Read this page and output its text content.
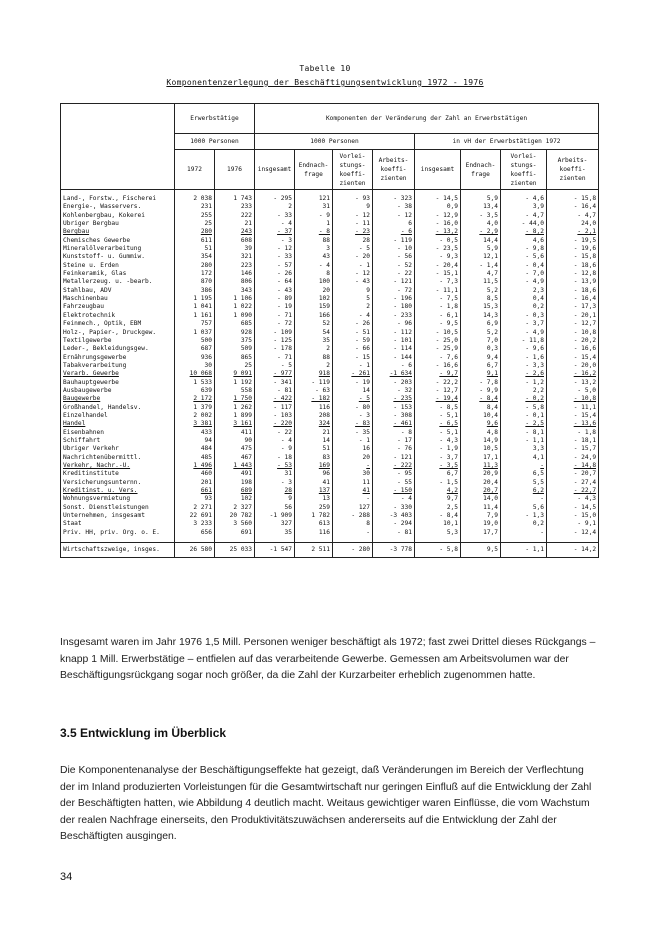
Tabelle 10
Komponentenzerlegung der Beschäftigungsentwicklung 1972 - 1976
	Erwerbstätige		Komponenten der Veränderung der Zahl an Erwerbstätigen							
	1000 Personen		1000 Personen				in vH der Erwerbstätigen 1972			
	1972	1976	insgesamt	Endnach- frage	Vorlei- stungs- koeffi- zienten	Arbeits- koeffi- zienten	insgesamt	Endnach- frage	Vorlei- stungs- koeffi- zienten	Arbeits- koeffi- zienten
Land-, Forstw., Fischerei	2 038	1 743	- 295	121	- 93	- 323	- 14,5	5,9	- 4,6	- 15,8
Energie-, Wasservers.	231	233	2	31	9	- 38	0,9	13,4	3,9	- 16,4
Kohlenbergbau, Kokerei	255	222	- 33	- 9	- 12	- 12	- 12,9	- 3,5	- 4,7	- 4,7
Übriger Bergbau	25	21	- 4	1	- 11	6	- 16,0	4,0	- 44,0	24,0
Bergbau	280	243	- 37	- 8	- 23	- 6	- 13,2	- 2,9	- 8,2	- 2,1
Chemisches Gewerbe	611	608	- 3	88	28	- 119	- 0,5	14,4	4,6	- 19,5
Mineralölverarbeitung	51	39	- 12	3	- 5	- 10	- 23,5	5,9	- 9,8	- 19,6
Kunststoff- u. Gummiw.	354	321	- 33	43	- 20	- 56	- 9,3	12,1	- 5,6	- 15,8
Steine u. Erden	280	223	- 57	- 4	- 1	- 52	- 20,4	- 1,4	- 0,4	- 18,6
Feinkeramik, Glas	172	146	- 26	8	- 12	- 22	- 15,1	4,7	- 7,0	- 12,8
Metallerzeug. u. -bearb.	870	806	- 64	100	- 43	- 121	- 7,3	11,5	- 4,9	- 13,9
Stahlbau, ADV	386	343	- 43	20	9	- 72	- 11,1	5,2	2,3	- 18,6
Maschinenbau	1 195	1 106	- 89	102	5	- 196	- 7,5	8,5	0,4	- 16,4
Fahrzeugbau	1 041	1 022	- 19	159	2	- 180	- 1,8	15,3	0,2	- 17,3
Elektrotechnik	1 161	1 090	- 71	166	- 4	- 233	- 6,1	14,3	- 0,3	- 20,1
Feinmech., Optik, EBM	757	685	- 72	52	- 26	- 96	- 9,5	6,9	- 3,7	- 12,7
Holz-, Papier-, Druckgew.	1 037	928	- 109	54	- 51	- 112	- 10,5	5,2	- 4,9	- 10,8
Textilgewerbe	500	375	- 125	35	- 59	- 101	- 25,0	7,0	- 11,8	- 20,2
Leder-, Bekleidungsgew.	687	509	- 178	2	- 66	- 114	- 25,9	0,3	- 9,6	- 16,6
Ernährungsgewerbe	936	865	- 71	88	- 15	- 144	- 7,6	9,4	- 1,6	- 15,4
Tabakverarbeitung	30	25	- 5	2	- 1	- 6	- 16,6	6,7	- 3,3	- 20,0
Verarb. Gewerbe	10 068	9 091	- 977	918	- 261	-1 634	- 9,7	9,1	- 2,6	- 16,2
Bauhauptgewerbe	1 533	1 192	- 341	- 119	- 19	- 203	- 22,2	- 7,8	- 1,2	- 13,2
Ausbaugewerbe	639	558	- 81	- 63	14	- 32	- 12,7	- 9,9	2,2	- 5,0
Baugewerbe	2 172	1 750	- 422	- 182	- 5	- 235	- 19,4	- 8,4	- 0,2	- 10,8
Großhandel, Handelsv.	1 379	1 262	- 117	116	- 80	- 153	- 8,5	8,4	- 5,8	- 11,1
Einzelhandel	2 002	1 899	- 103	208	- 3	- 308	- 5,1	10,4	- 0,1	- 15,4
Handel	3 381	3 161	- 220	324	- 83	- 461	- 6,5	9,6	- 2,5	- 13,6
Eisenbahnen	433	411	- 22	21	- 35	- 8	- 5,1	4,8	- 8,1	- 1,8
Schiffahrt	94	90	- 4	14	- 1	- 17	- 4,3	14,9	- 1,1	- 18,1
Übriger Verkehr	484	475	- 9	51	16	- 76	- 1,9	10,5	3,3	- 15,7
Nachrichtenübermittl.	485	467	- 18	83	20	- 121	- 3,7	17,1	4,1	- 24,9
Verkehr, Nachr.-Ü.	1 496	1 443	- 53	169	-	- 222	- 3,5	11,3	-	- 14,8
Kreditinstitute	460	491	31	96	30	- 95	6,7	20,9	6,5	- 20,7
Versicherungsunternn.	201	198	- 3	41	11	- 55	- 1,5	20,4	5,5	- 27,4
Kreditinst. u. Vers.	661	689	28	137	41	- 150	4,2	20,7	6,2	- 22,7
Wohnungsvermietung	93	102	9	13	-	- 4	9,7	14,0	-	- 4,3
Sonst. Dienstleistungen	2 271	2 327	56	259	127	- 330	2,5	11,4	5,6	- 14,5
Unternehmen, insgesamt	22 691	20 782	-1 909	1 782	- 288	-3 403	- 8,4	7,9	- 1,3	- 15,0
Staat	3 233	3 560	327	613	8	- 294	10,1	19,0	0,2	- 9,1
Priv. HH, priv. Org. o. E.	656	691	35	116	-	- 81	5,3	17,7	-	- 12,4
Wirtschaftszweige, insges.	26 580	25 033	-1 547	2 511	- 280	-3 778	- 5,8	9,5	- 1,1	- 14,2
Insgesamt waren im Jahr 1976 1,5 Mill. Personen weniger beschäftigt als 1972; fast zwei Drittel dieses Rückgangs – knapp 1 Mill. Erwerbstätige – entfielen auf das verarbeitende Gewerbe. Gemessen am Arbeitsvolumen war der Beschäftigungsrückgang sogar noch größer, da die Zahl der Kurzarbeiter erheblich zugenommen hatte.
3.5 Entwicklung im Überblick
Die Komponentenanalyse der Beschäftigungseffekte hat gezeigt, daß Veränderungen im Bereich der Verflechtung der im Inland produzierten Vorleistungen für die Gesamtwirtschaft nur geringen Einfluß auf die Entwicklung der Zahl der Beschäftigten hatten, wie Abbildung 4 deutlich macht. Weitaus gewichtiger waren Einflüsse, die vom Wachstum der realen Nachfrage einerseits, den Produktivitätszuwächsen andererseits auf die Entwicklung der Zahl der Beschäftigten ausgingen.
34
